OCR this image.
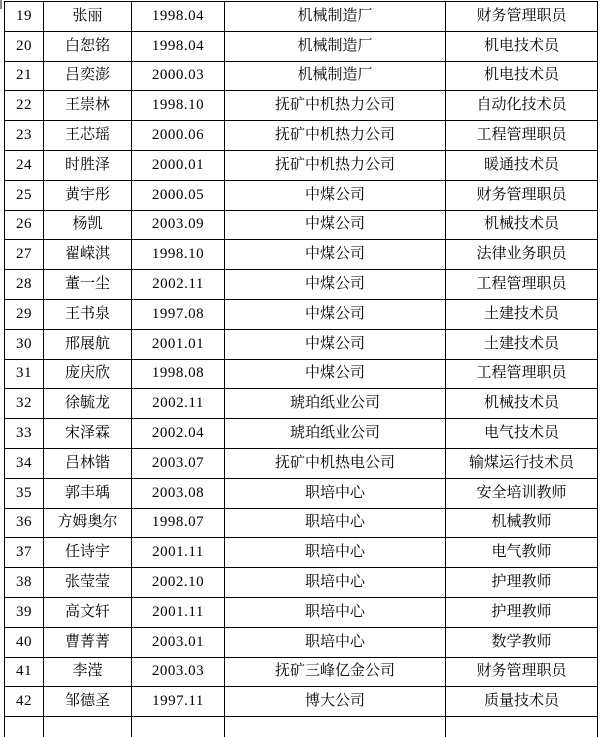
19	张丽	1998.04	机械制造厂	财务管理职员
20	白恕铭	1998.04	机械制造厂	机电技术员
21	吕奕澎	2000.03	机械制造厂	机电技术员
22	王崇林	1998.10	抚矿中机热力公司	自动化技术员
23	王芯瑶	2000.06	抚矿中机热力公司	工程管理职员
24	时胜泽	2000.01	抚矿中机热力公司	暖通技术员
25	黄宇彤	2000.05	中煤公司	财务管理职员
26	杨凯	2003.09	中煤公司	机械技术员
27	翟嵘淇	1998.10	中煤公司	法律业务职员
28	董一尘	2002.11	中煤公司	工程管理职员
29	王书泉	1997.08	中煤公司	土建技术员
30	邢展航	2001.01	中煤公司	土建技术员
31	庞庆欣	1998.08	中煤公司	工程管理职员
32	徐毓龙	2002.11	琥珀纸业公司	机械技术员
33	宋泽霖	2002.04	琥珀纸业公司	电气技术员
34	吕林锴	2003.07	抚矿中机热电公司	输煤运行技术员
35	郭丰瑀	2003.08	职培中心	安全培训教师
36	方姆奥尔	1998.07	职培中心	机械教师
37	任诗宇	2001.11	职培中心	电气教师
38	张莹莹	2002.10	职培中心	护理教师
39	高文轩	2001.11	职培中心	护理教师
40	曹菁菁	2003.01	职培中心	数学教师
41	李滢	2003.03	抚矿三峰亿金公司	财务管理职员
42	邹德圣	1997.11	博大公司	质量技术员
